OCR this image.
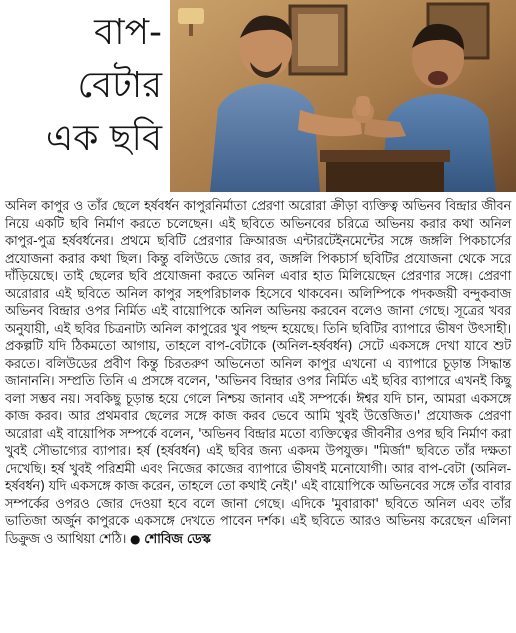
বাপ-
বেটার
এক ছবি
অনিল কাপুর ও তাঁর ছেলে হর্ষবর্ধন কাপুরনির্মাতা প্রেরণা অরোরা ক্রীড়া ব্যক্তিত্ব অভিনব বিন্দ্রার জীবন নিয়ে একটি ছবি নির্মাণ করতে চলেছেন। এই ছবিতে অভিনবের চরিত্রে অভিনয় করার কথা অনিল কাপুর-পুত্র হর্ষবর্ধনের। প্রথমে ছবিটি প্রেরণার ক্রিআরজ এন্টারটেইনমেন্টের সঙ্গে জঙ্গলি পিকচার্সের প্রযোজনা করার কথা ছিল। কিন্তু বলিউডে জোর রব, জঙ্গলি পিকচার্স ছবিটির প্রযোজনা থেকে সরে দাঁড়িয়েছে। তাই ছেলের ছবি প্রযোজনা করতে অনিল এবার হাত মিলিয়েছেন প্রেরণার সঙ্গে। প্রেরণা অরোরার এই ছবিতে অনিল কাপুর সহপরিচালক হিসেবে থাকবেন। অলিম্পিকে পদকজয়ী বন্দুকবাজ অভিনব বিন্দ্রার ওপর নির্মিত এই বায়োপিকে অনিল অভিনয় করবেন বলেও জানা গেছে। সূত্রের খবর অনুযায়ী, এই ছবির চিত্রনাট্য অনিল কাপুরের খুব পছন্দ হয়েছে। তিনি ছবিটির ব্যাপারে ভীষণ উৎসাহী। প্রকল্পটি যদি ঠিকমতো আগায়, তাহলে বাপ-বেটাকে (অনিল-হর্ষবর্ধন) সেটে একসঙ্গে দেখা যাবে শুট করতে। বলিউডের প্রবীণ কিন্তু চিরতরুণ অভিনেতা অনিল কাপুর এখনো এ ব্যাপারে চূড়ান্ত সিদ্ধান্ত জানাননি। সম্প্রতি তিনি এ প্রসঙ্গে বলেন, 'অভিনব বিন্দ্রার ওপর নির্মিত এই ছবির ব্যাপারে এখনই কিছু বলা সম্ভব নয়। সবকিছু চূড়ান্ত হয়ে গেলে নিশ্চয় জানাব এই সম্পর্কে। ঈশ্বর যদি চান, আমরা একসঙ্গে কাজ করব। আর প্রথমবার ছেলের সঙ্গে কাজ করব ভেবে আমি খুবই উত্তেজিত।' প্রযোজক প্রেরণা অরোরা এই বায়োপিক সম্পর্কে বলেন, 'অভিনব বিন্দ্রার মতো ব্যক্তিত্বের জীবনীর ওপর ছবি নির্মাণ করা খুবই সৌভাগ্যের ব্যাপার। হর্ষ (হর্ষবর্ধন) এই ছবির জন্য একদম উপযুক্ত। "মির্জা" ছবিতে তাঁর দক্ষতা দেখেছি। হর্ষ খুবই পরিশ্রমী এবং নিজের কাজের ব্যাপারে ভীষণই মনোযোগী। আর বাপ-বেটা (অনিল-হর্ষবর্ধন) যদি একসঙ্গে কাজ করেন, তাহলে তো কথাই নেই।' এই বায়োপিকে অভিনবের সঙ্গে তাঁর বাবার সম্পর্কের ওপরও জোর দেওয়া হবে বলে জানা গেছে। এদিকে 'মুবারাকা' ছবিতে অনিল এবং তাঁর ভাতিজা অর্জুন কাপুরকে একসঙ্গে দেখতে পাবেন দর্শক। এই ছবিতে আরও অভিনয় করেছেন এলিনা ডিক্রুজ ও আথিয়া শেঠি। ● শোবিজ ডেস্ক
